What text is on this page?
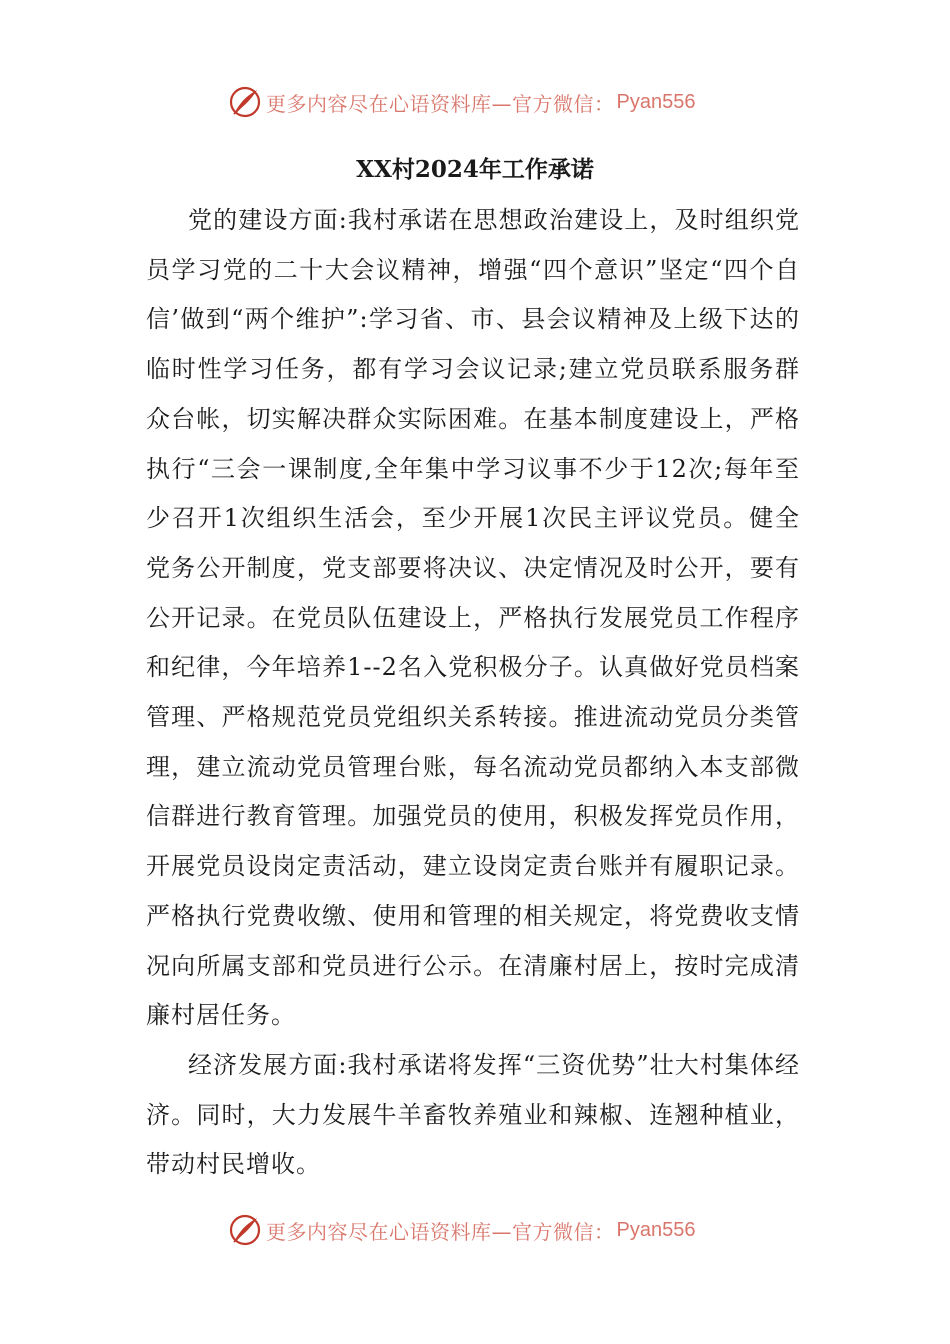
更多内容尽在心语资料库—官方微信： Pyan556
XX村2024年工作承诺

党的建设方面:我村承诺在思想政治建设上，及时组织党员学习党的二十大会议精神，增强“四个意识”坚定“四个自信’做到“两个维护”:学习省、市、县会议精神及上级下达的临时性学习任务，都有学习会议记录;建立党员联系服务群众台帐，切实解决群众实际困难。在基本制度建设上，严格执行“三会一课制度,全年集中学习议事不少于12次;每年至少召开1次组织生活会，至少开展1次民主评议党员。健全党务公开制度，党支部要将决议、决定情况及时公开，要有公开记录。在党员队伍建设上，严格执行发展党员工作程序和纪律，今年培养1--2名入党积极分子。认真做好党员档案管理、严格规范党员党组织关系转接。推进流动党员分类管理，建立流动党员管理台账，每名流动党员都纳入本支部微信群进行教育管理。加强党员的使用，积极发挥党员作用，开展党员设岗定责活动，建立设岗定责台账并有履职记录。严格执行党费收缴、使用和管理的相关规定，将党费收支情况向所属支部和党员进行公示。在清廉村居上，按时完成清廉村居任务。

经济发展方面:我村承诺将发挥“三资优势”壮大村集体经济。同时，大力发展牛羊畜牧养殖业和辣椒、连翘种植业，带动村民增收。

更多内容尽在心语资料库—官方微信： Pyan556
